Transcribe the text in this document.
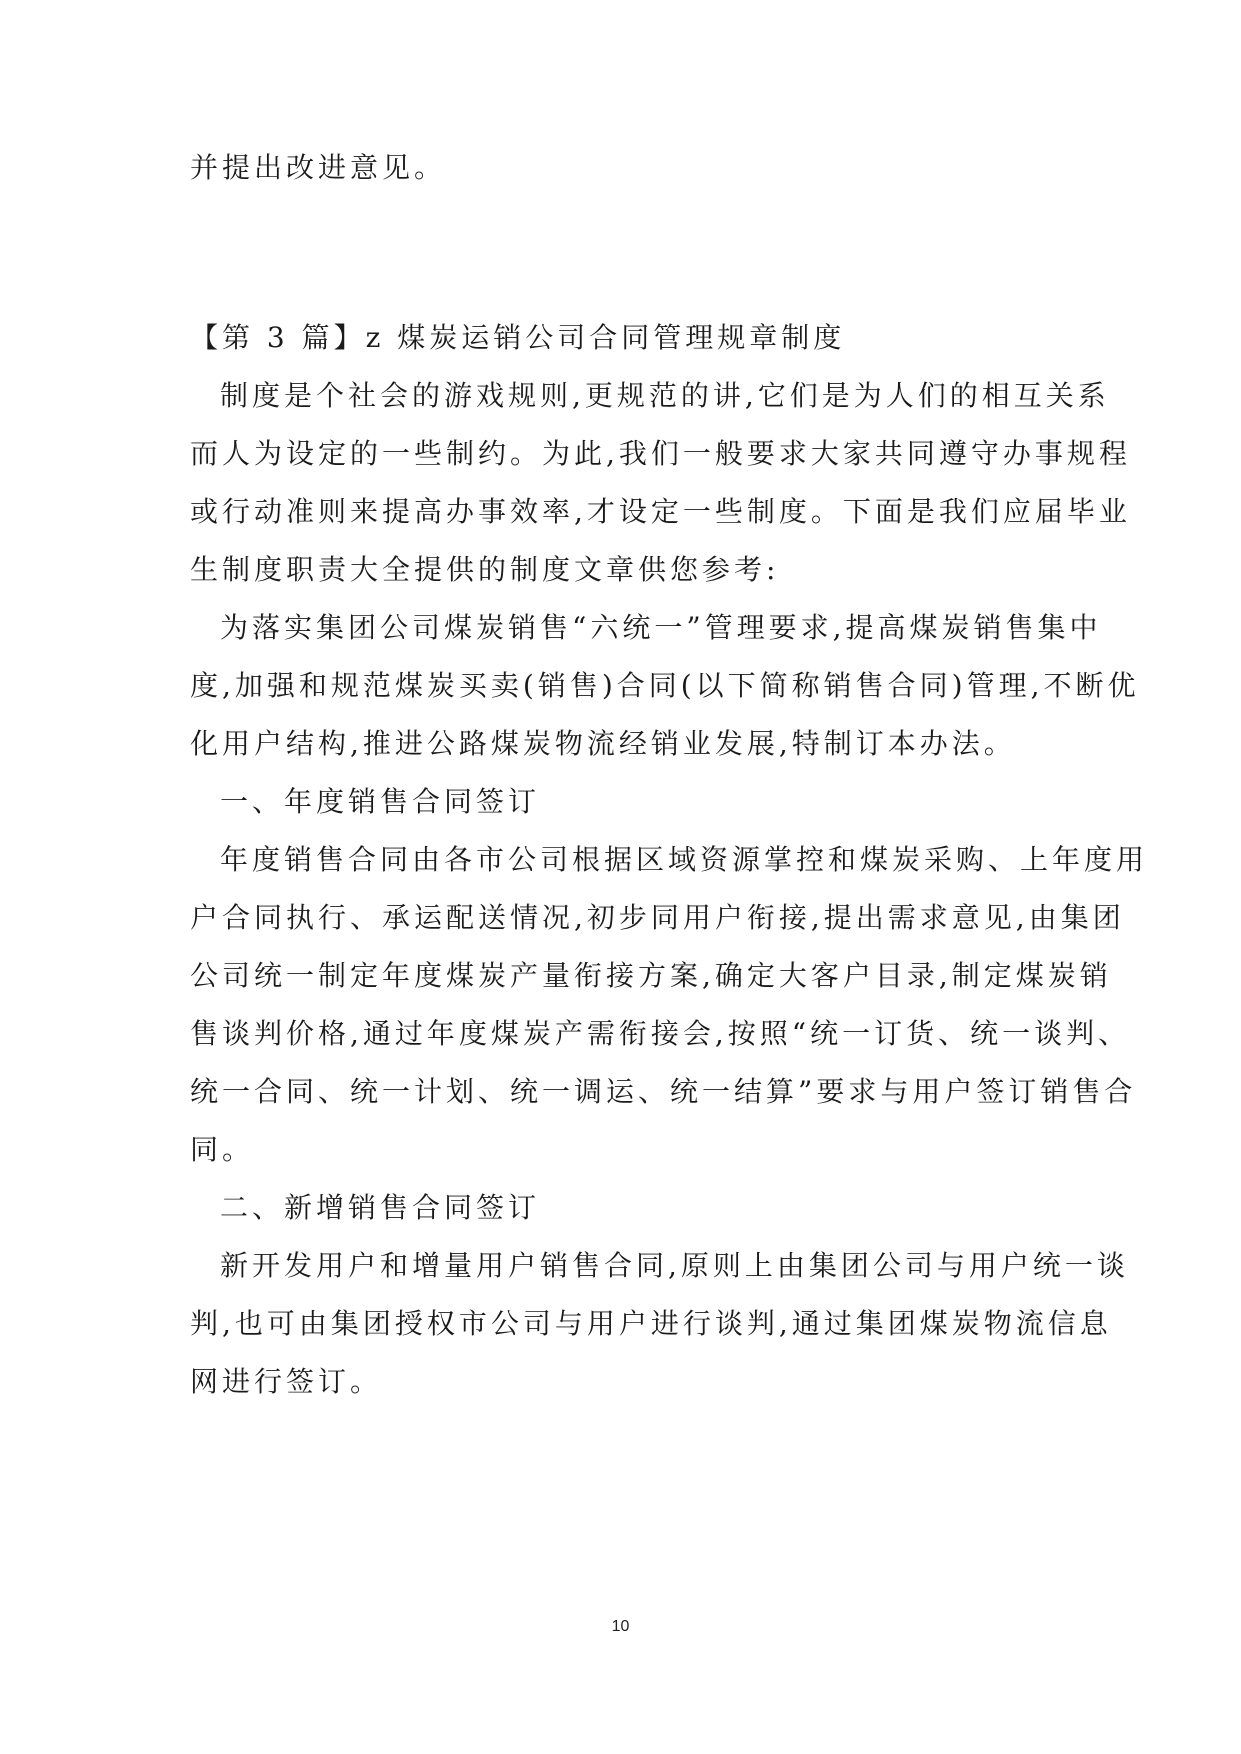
并提出改进意见。
【第 3 篇】z 煤炭运销公司合同管理规章制度
制度是个社会的游戏规则,更规范的讲,它们是为人们的相互关系
而人为设定的一些制约。为此,我们一般要求大家共同遵守办事规程
或行动准则来提高办事效率,才设定一些制度。下面是我们应届毕业
生制度职责大全提供的制度文章供您参考:
为落实集团公司煤炭销售“六统一”管理要求,提高煤炭销售集中
度,加强和规范煤炭买卖(销售)合同(以下简称销售合同)管理,不断优
化用户结构,推进公路煤炭物流经销业发展,特制订本办法。
一、年度销售合同签订
年度销售合同由各市公司根据区域资源掌控和煤炭采购、上年度用
户合同执行、承运配送情况,初步同用户衔接,提出需求意见,由集团
公司统一制定年度煤炭产量衔接方案,确定大客户目录,制定煤炭销
售谈判价格,通过年度煤炭产需衔接会,按照“统一订货、统一谈判、
统一合同、统一计划、统一调运、统一结算”要求与用户签订销售合
同。
二、新增销售合同签订
新开发用户和增量用户销售合同,原则上由集团公司与用户统一谈
判,也可由集团授权市公司与用户进行谈判,通过集团煤炭物流信息
网进行签订。
10
